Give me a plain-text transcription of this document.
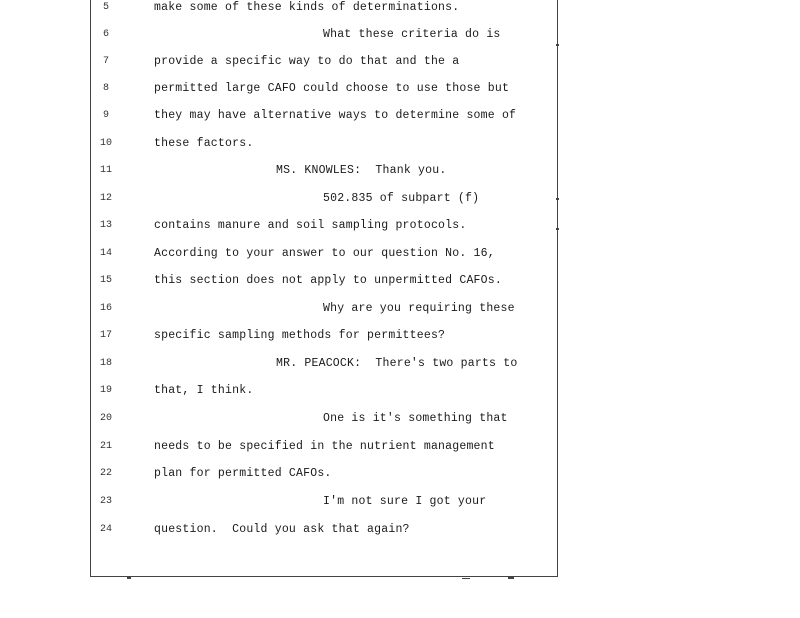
5	make some of these kinds of determinations.
6	What these criteria do is
7	provide a specific way to do that and the a
8	permitted large CAFO could choose to use those but
9	they may have alternative ways to determine some of
10	these factors.
11	MS. KNOWLES:  Thank you.
12	502.835 of subpart (f)
13	contains manure and soil sampling protocols.
14	According to your answer to our question No. 16,
15	this section does not apply to unpermitted CAFOs.
16	Why are you requiring these
17	specific sampling methods for permittees?
18	MR. PEACOCK:  There's two parts to
19	that, I think.
20	One is it's something that
21	needs to be specified in the nutrient management
22	plan for permitted CAFOs.
23	I'm not sure I got your
24	question.  Could you ask that again?
